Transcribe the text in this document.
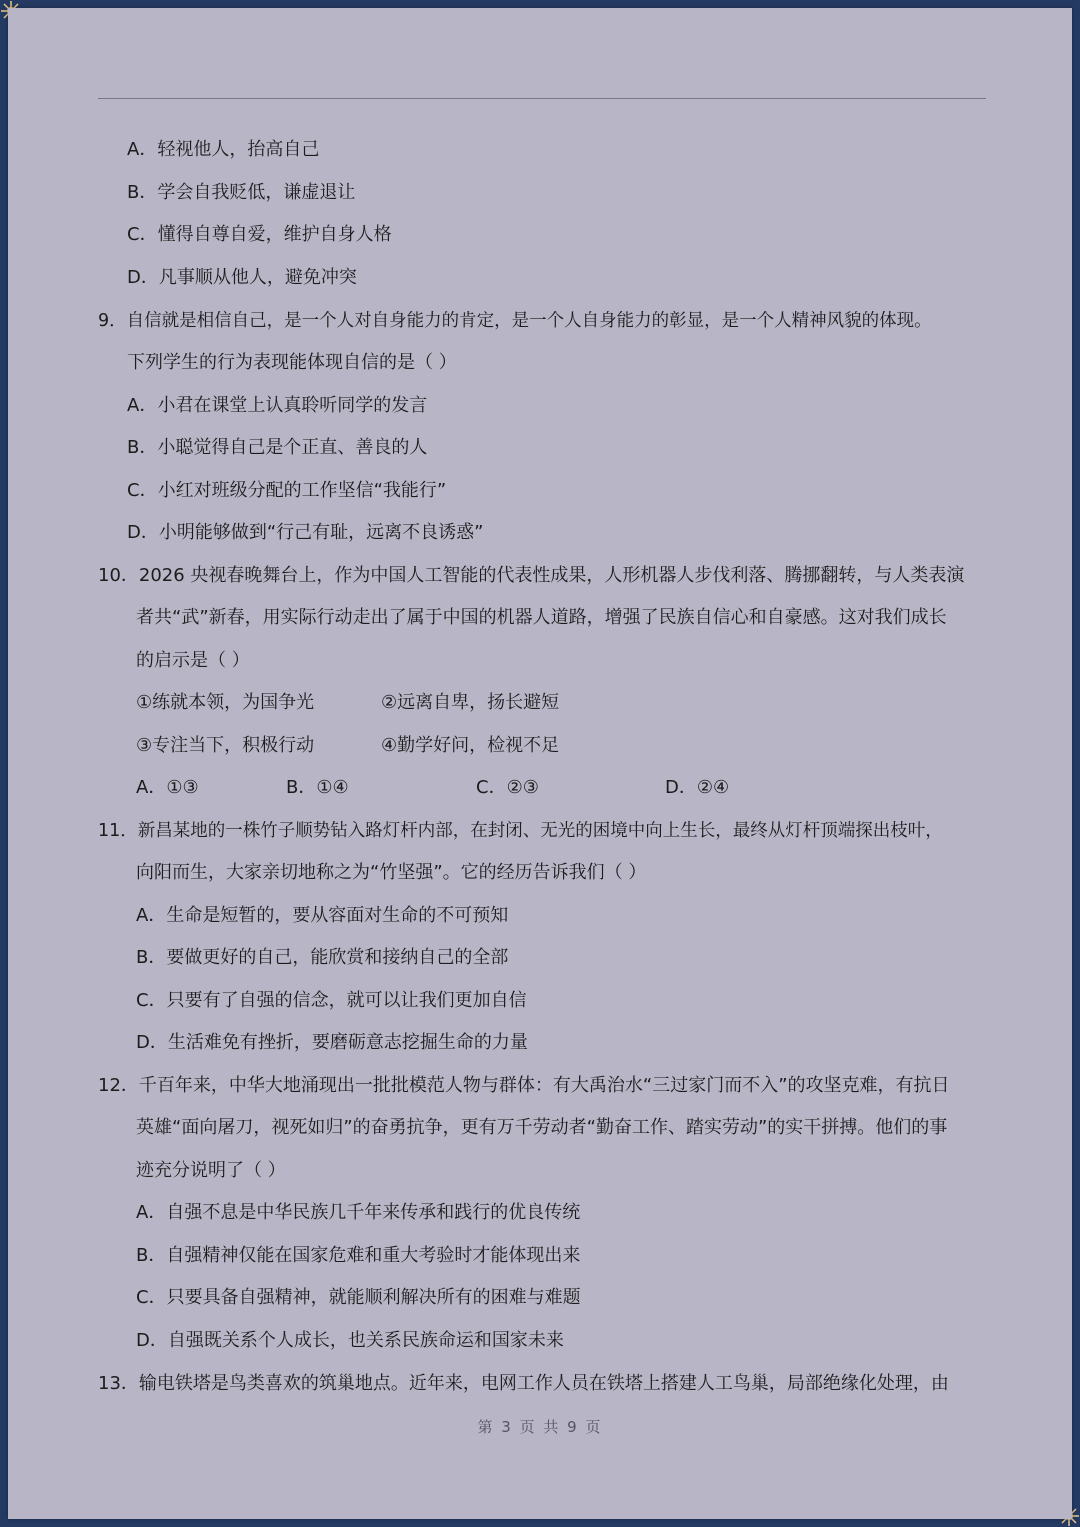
A．轻视他人，抬高自己
B．学会自我贬低，谦虚退让
C．懂得自尊自爱，维护自身人格
D．凡事顺从他人，避免冲突
9．自信就是相信自己，是一个人对自身能力的肯定，是一个人自身能力的彰显，是一个人精神风貌的体现。
下列学生的行为表现能体现自信的是（ ）
A．小君在课堂上认真聆听同学的发言
B．小聪觉得自己是个正直、善良的人
C．小红对班级分配的工作坚信“我能行”
D．小明能够做到“行己有耻，远离不良诱惑”
10．2026 央视春晚舞台上，作为中国人工智能的代表性成果，人形机器人步伐利落、腾挪翻转，与人类表演
者共“武”新春，用实际行动走出了属于中国的机器人道路，增强了民族自信心和自豪感。这对我们成长
的启示是（ ）
①练就本领，为国争光	②远离自卑，扬长避短
③专注当下，积极行动	④勤学好问，检视不足
A．①③	B．①④	C．②③	D．②④
11．新昌某地的一株竹子顺势钻入路灯杆内部，在封闭、无光的困境中向上生长，最终从灯杆顶端探出枝叶，
向阳而生，大家亲切地称之为“竹坚强”。它的经历告诉我们（ ）
A．生命是短暂的，要从容面对生命的不可预知
B．要做更好的自己，能欣赏和接纳自己的全部
C．只要有了自强的信念，就可以让我们更加自信
D．生活难免有挫折，要磨砺意志挖掘生命的力量
12．千百年来，中华大地涌现出一批批模范人物与群体：有大禹治水“三过家门而不入”的攻坚克难，有抗日
英雄“面向屠刀，视死如归”的奋勇抗争，更有万千劳动者“勤奋工作、踏实劳动”的实干拼搏。他们的事
迹充分说明了（ ）
A．自强不息是中华民族几千年来传承和践行的优良传统
B．自强精神仅能在国家危难和重大考验时才能体现出来
C．只要具备自强精神，就能顺利解决所有的困难与难题
D．自强既关系个人成长，也关系民族命运和国家未来
13．输电铁塔是鸟类喜欢的筑巢地点。近年来，电网工作人员在铁塔上搭建人工鸟巢，局部绝缘化处理，由
第 3 页 共 9 页
